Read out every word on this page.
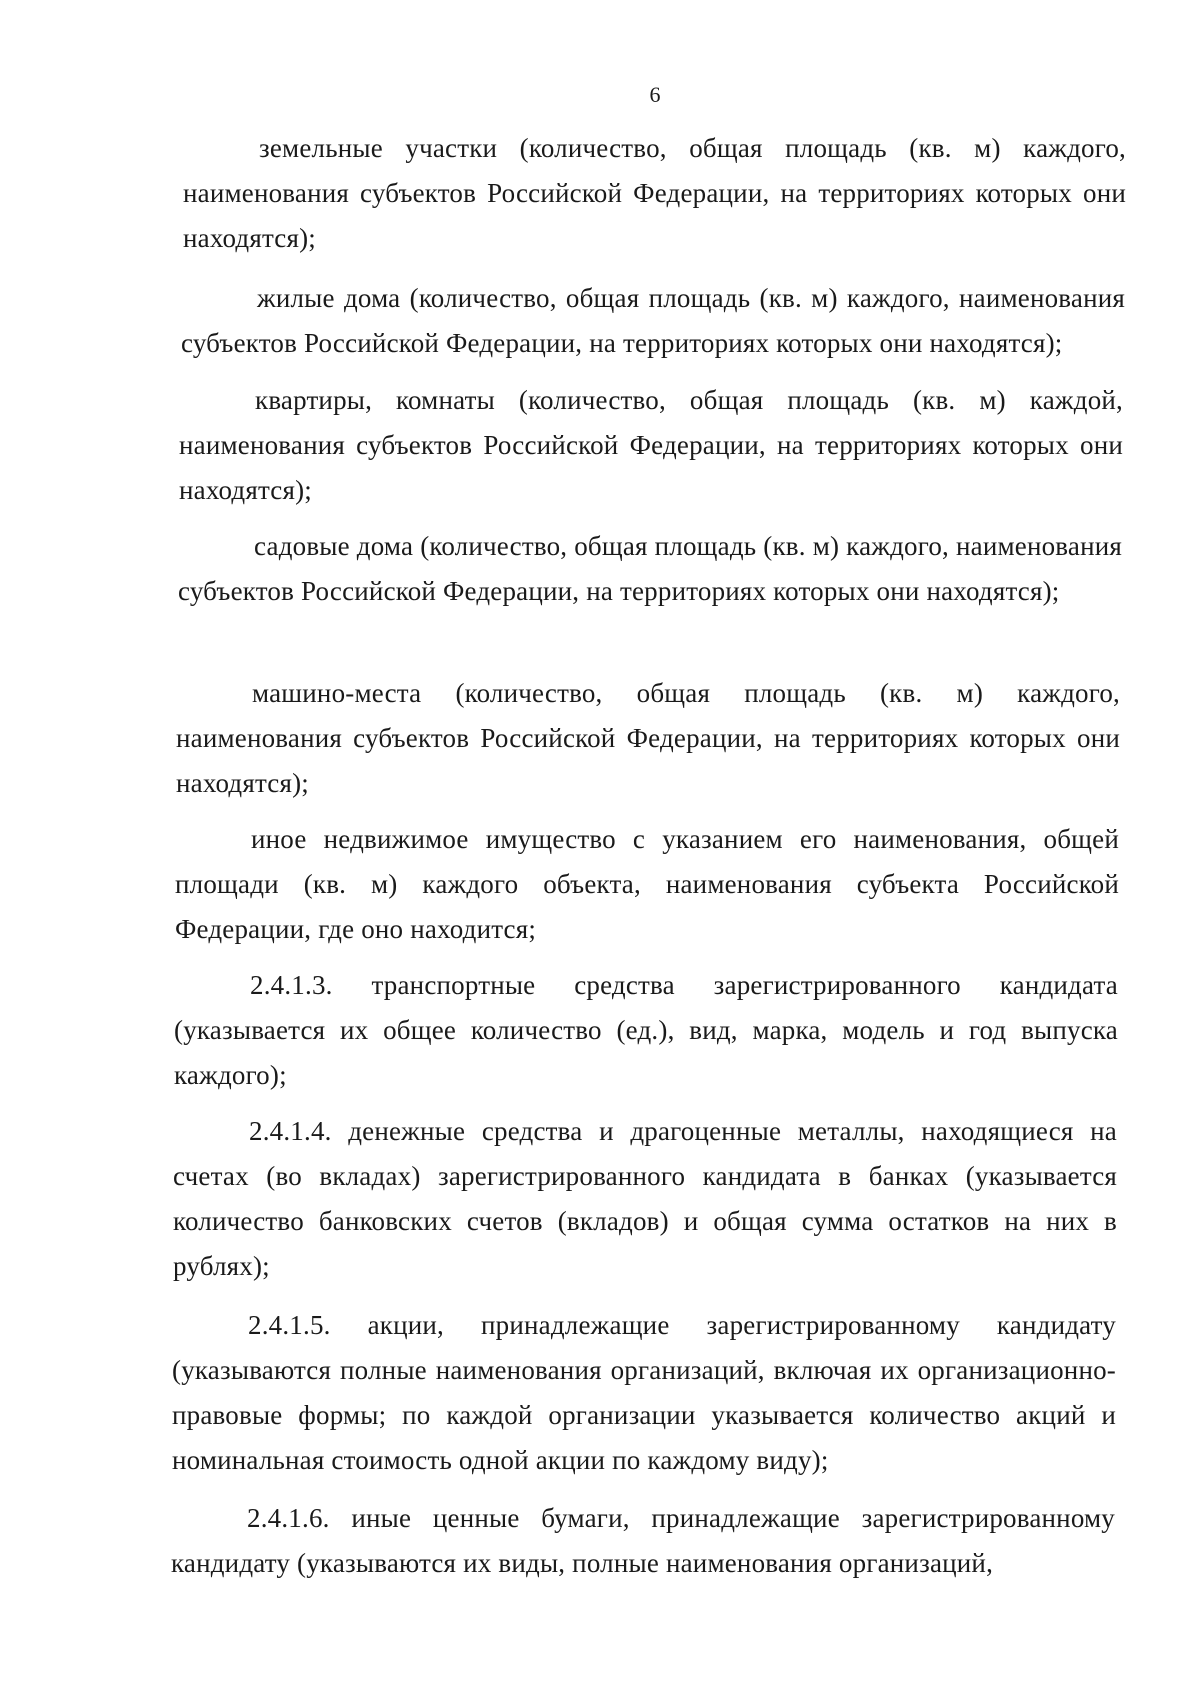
6

земельные участки (количество, общая площадь (кв. м) каждого, наименования субъектов Российской Федерации, на территориях которых они находятся);

жилые дома (количество, общая площадь (кв. м) каждого, наименования субъектов Российской Федерации, на территориях которых они находятся);

квартиры, комнаты (количество, общая площадь (кв. м) каждой, наименования субъектов Российской Федерации, на территориях которых они находятся);

садовые дома (количество, общая площадь (кв. м) каждого, наименования субъектов Российской Федерации, на территориях которых они находятся);

машино-места (количество, общая площадь (кв. м) каждого, наименования субъектов Российской Федерации, на территориях которых они находятся);

иное недвижимое имущество с указанием его наименования, общей площади (кв. м) каждого объекта, наименования субъекта Российской Федерации, где оно находится;

2.4.1.3. транспортные средства зарегистрированного кандидата (указывается их общее количество (ед.), вид, марка, модель и год выпуска каждого);

2.4.1.4. денежные средства и драгоценные металлы, находящиеся на счетах (во вкладах) зарегистрированного кандидата в банках (указывается количество банковских счетов (вкладов) и общая сумма остатков на них в рублях);

2.4.1.5. акции, принадлежащие зарегистрированному кандидату (указываются полные наименования организаций, включая их организационно-правовые формы; по каждой организации указывается количество акций и номинальная стоимость одной акции по каждому виду);

2.4.1.6. иные ценные бумаги, принадлежащие зарегистрированному кандидату (указываются их виды, полные наименования организаций,
